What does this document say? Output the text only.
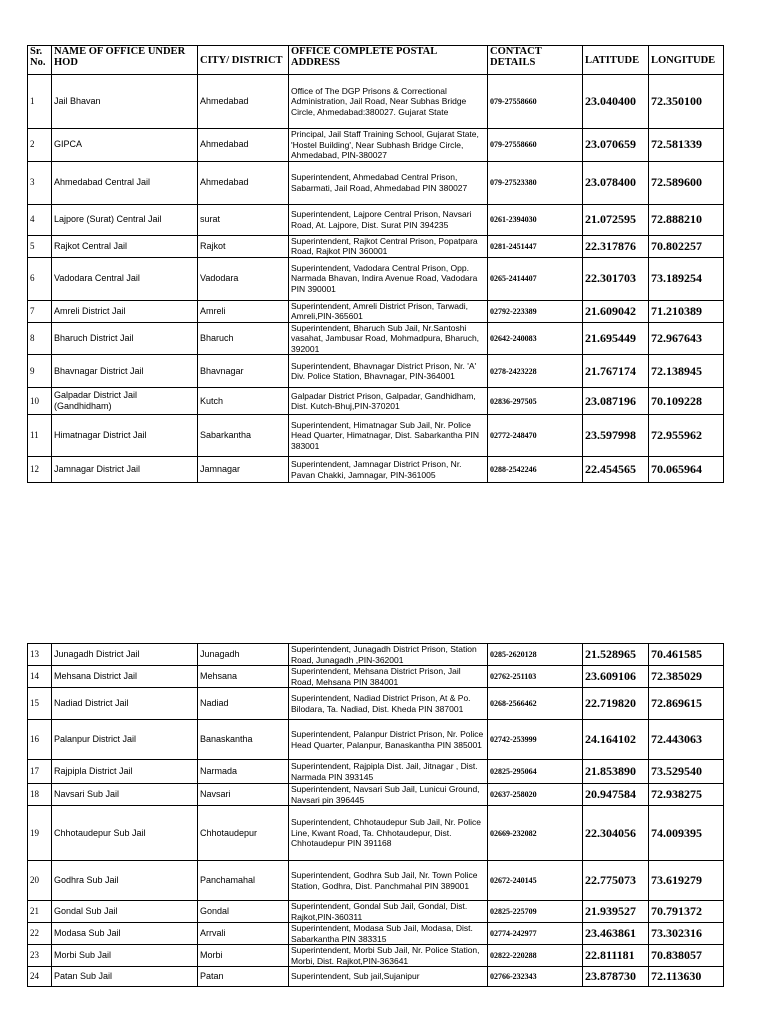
Sr. No.	NAME OF OFFICE UNDER HOD	CITY/ DISTRICT	OFFICE COMPLETE POSTAL ADDRESS	CONTACT DETAILS	LATITUDE	LONGITUDE
1	Jail Bhavan	Ahmedabad	Office of The DGP Prisons & Correctional Administration, Jail Road, Near Subhas Bridge Circle, Ahmedabad:380027. Gujarat State	079-27558660	23.040400	72.350100
2	GIPCA	Ahmedabad	Principal, Jail Staff Training School, Gujarat State, 'Hostel Building', Near Subhash Bridge Circle, Ahmedabad, PIN-380027	079-27558660	23.070659	72.581339
3	Ahmedabad Central Jail	Ahmedabad	Superintendent, Ahmedabad Central Prison, Sabarmati, Jail Road, Ahmedabad PIN 380027	079-27523380	23.078400	72.589600
4	Lajpore (Surat) Central Jail	surat	Superintendent, Lajpore Central Prison, Navsari Road, At. Lajpore, Dist. Surat PIN 394235	0261-2394030	21.072595	72.888210
5	Rajkot Central Jail	Rajkot	Superintendent, Rajkot Central Prison, Popatpara Road, Rajkot PIN 360001	0281-2451447	22.317876	70.802257
6	Vadodara Central Jail	Vadodara	Superintendent, Vadodara Central Prison, Opp. Narmada Bhavan, Indira Avenue Road, Vadodara PIN 390001	0265-2414407	22.301703	73.189254
7	Amreli District Jail	Amreli	Superintendent, Amreli District Prison, Tarwadi, Amreli,PIN-365601	02792-223389	21.609042	71.210389
8	Bharuch District Jail	Bharuch	Superintendent, Bharuch Sub Jail, Nr.Santoshi vasahat, Jambusar Road, Mohmadpura, Bharuch, 392001	02642-240083	21.695449	72.967643
9	Bhavnagar District Jail	Bhavnagar	Superintendent, Bhavnagar District Prison, Nr. 'A' Div. Police Station, Bhavnagar, PIN-364001	0278-2423228	21.767174	72.138945
10	Galpadar District Jail (Gandhidham)	Kutch	Galpadar District Prison, Galpadar, Gandhidham, Dist. Kutch-Bhuj,PIN-370201	02836-297505	23.087196	70.109228
11	Himatnagar District Jail	Sabarkantha	Superintendent, Himatnagar Sub Jail, Nr. Police Head Quarter, Himatnagar, Dist. Sabarkantha PIN 383001	02772-248470	23.597998	72.955962
12	Jamnagar District Jail	Jamnagar	Superintendent, Jamnagar District Prison, Nr. Pavan Chakki, Jamnagar, PIN-361005	0288-2542246	22.454565	70.065964
13	Junagadh District Jail	Junagadh	Superintendent, Junagadh District Prison, Station Road, Junagadh ,PIN-362001	0285-2620128	21.528965	70.461585
14	Mehsana District Jail	Mehsana	Superintendent, Mehsana District Prison, Jail Road, Mehsana PIN 384001	02762-251103	23.609106	72.385029
15	Nadiad District Jail	Nadiad	Superintendent, Nadiad District Prison, At & Po. Bilodara, Ta. Nadiad, Dist. Kheda PIN 387001	0268-2566462	22.719820	72.869615
16	Palanpur District Jail	Banaskantha	Superintendent, Palanpur District Prison, Nr. Police Head Quarter, Palanpur, Banaskantha PIN 385001	02742-253999	24.164102	72.443063
17	Rajpipla District Jail	Narmada	Superintendent, Rajpipla Dist. Jail, Jitnagar , Dist. Narmada PIN 393145	02825-295064	21.853890	73.529540
18	Navsari Sub Jail	Navsari	Superintendent, Navsari Sub Jail, Lunicui Ground, Navsari pin 396445	02637-258020	20.947584	72.938275
19	Chhotaudepur Sub Jail	Chhotaudepur	Superintendent, Chhotaudepur Sub Jail, Nr. Police Line, Kwant Road, Ta. Chhotaudepur, Dist. Chhotaudepur PIN 391168	02669-232082	22.304056	74.009395
20	Godhra Sub Jail	Panchamahal	Superintendent, Godhra Sub Jail, Nr. Town Police Station, Godhra, Dist. Panchmahal PIN 389001	02672-240145	22.775073	73.619279
21	Gondal Sub Jail	Gondal	Superintendent, Gondal Sub Jail, Gondal, Dist. Rajkot,PIN-360311	02825-225709	21.939527	70.791372
22	Modasa Sub Jail	Arrvali	Superintendent, Modasa Sub Jail, Modasa, Dist. Sabarkantha PIN 383315	02774-242977	23.463861	73.302316
23	Morbi Sub Jail	Morbi	Superintendent, Morbi Sub Jail, Nr. Police Station, Morbi, Dist. Rajkot,PIN-363641	02822-220288	22.811181	70.838057
24	Patan Sub Jail	Patan	Superintendent, Sub jail,Sujanipur	02766-232343	23.878730	72.113630
